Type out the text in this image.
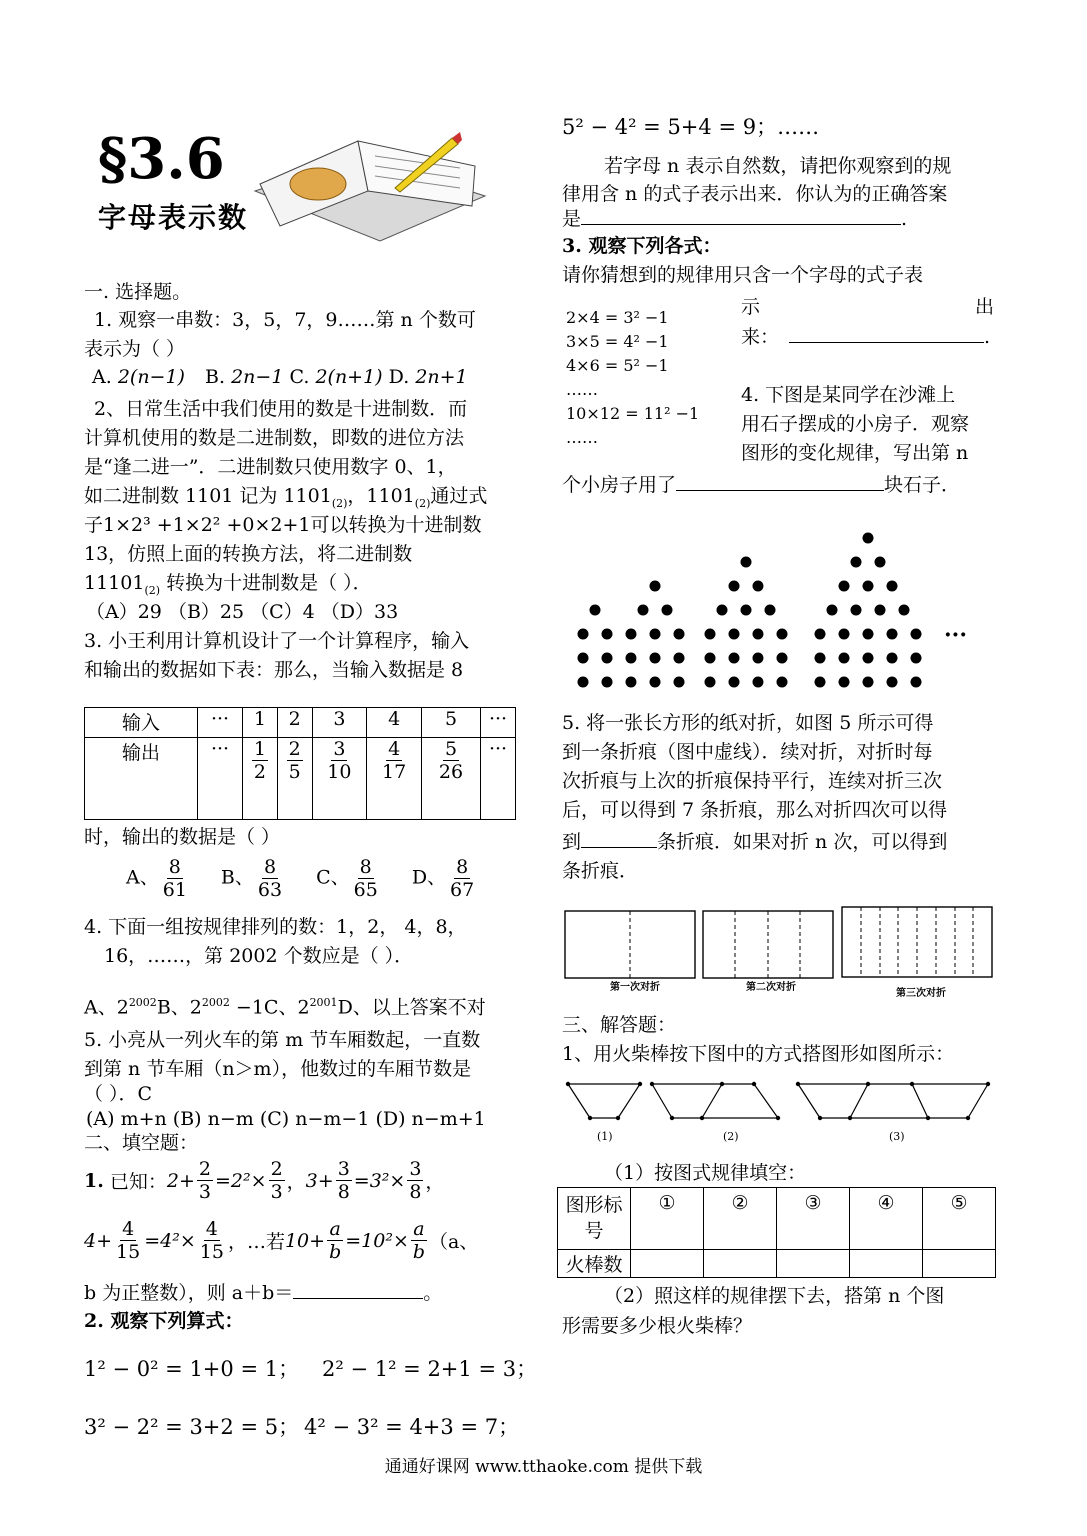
§3.6
字母表示数
一. 选择题。
1. 观察一串数：3，5，7，9……第 n 个数可
表示为（ ）
A. 2(n−1) B. 2n−1 C. 2(n+1) D. 2n+1
2、日常生活中我们使用的数是十进制数．而
计算机使用的数是二进制数，即数的进位方法
是“逢二进一”．二进制数只使用数字 0、1，
如二进制数 1101 记为 $1101_{(2)}$，$1101_{(2)}$通过式
子1×2³ +1×2² +0×2+1可以转换为十进制数
13，仿照上面的转换方法，将二进制数
$11101_{(2)}$ 转换为十进制数是（ ）．
（A）29 （B）25 （C）4 （D）33
3. 小王利用计算机设计了一个计算程序，输入
和输出的数据如下表：那么，当输入数据是 8
输入	···	1	2	3	4	5	···
输出	···	$\frac{1}{2}$	$\frac{2}{5}$	$\frac{3}{10}$	$\frac{4}{17}$	$\frac{5}{26}$	···
时，输出的数据是（ ）
A、 $\frac{8}{61}$ B、 $\frac{8}{63}$ C、 $\frac{8}{65}$ D、 $\frac{8}{67}$
4. 下面一组按规律排列的数：1，2， 4，8，
16，……，第 2002 个数应是（ ）．
A、$2^{2002}B$、$2^{2002} -1C$、$2^{2001}D$、以上答案不对
5. 小亮从一列火车的第 m 节车厢数起，一直数
到第 n 节车厢（n＞m），他数过的车厢节数是
（ ）．C
(A) m+n (B) n−m (C) n−m−1 (D) n−m+1
二、填空题：
1.
已知： $2+ \frac{2}{3} =2^2\times \frac{2}{3}$ ， $3+ \frac{3}{8} =3^2\times \frac{3}{8}$ ，
$4+ \frac{4}{15} =4^2\times \frac{4}{15}$ ，…若 $10+ \frac{a}{b} =10^2\times \frac{a}{b} (a$、
b 为正整数），则 a＋b＝	。
2. 观察下列算式：
1² − 0² = 1+0 = 1； 2² − 1² = 2+1 = 3；
3² − 2² = 3+2 = 5； 4² − 3² = 4+3 = 7；
5² − 4² = 5+4 = 9；……
若字母 n 表示自然数，请把你观察到的规
律用含 n 的式子表示出来．你认为的正确答案
是	.
3. 观察下列各式：
请你猜想到的规律用只含一个字母的式子表
示	出
来：	.
2×4 = 3² −1
3×5 = 4² −1
4×6 = 5² −1
……
10×12 = 11² −1
……
4. 下图是某同学在沙滩上
用石子摆成的小房子．观察
图形的变化规律，写出第 n
个小房子用了	块石子．
···
5. 将一张长方形的纸对折，如图 5 所示可得
到一条折痕（图中虚线）．续对折，对折时每
次折痕与上次的折痕保持平行，连续对折三次
后，可以得到 7 条折痕，那么对折四次可以得
到	条折痕．如果对折 n 次，可以得到
条折痕．
第一次对折	第二次对折
第三次对折
三、解答题：
1、用火柴棒按下图中的方式搭图形如图所示：
(1)	(2)	(3)
（1）按图式规律填空：
图形标
号	①	②	③	④	⑤
火棒数					
（2）照这样的规律摆下去，搭第 n 个图
形需要多少根火柴棒？
通通好课网 www.tthaoke.com 提供下载
